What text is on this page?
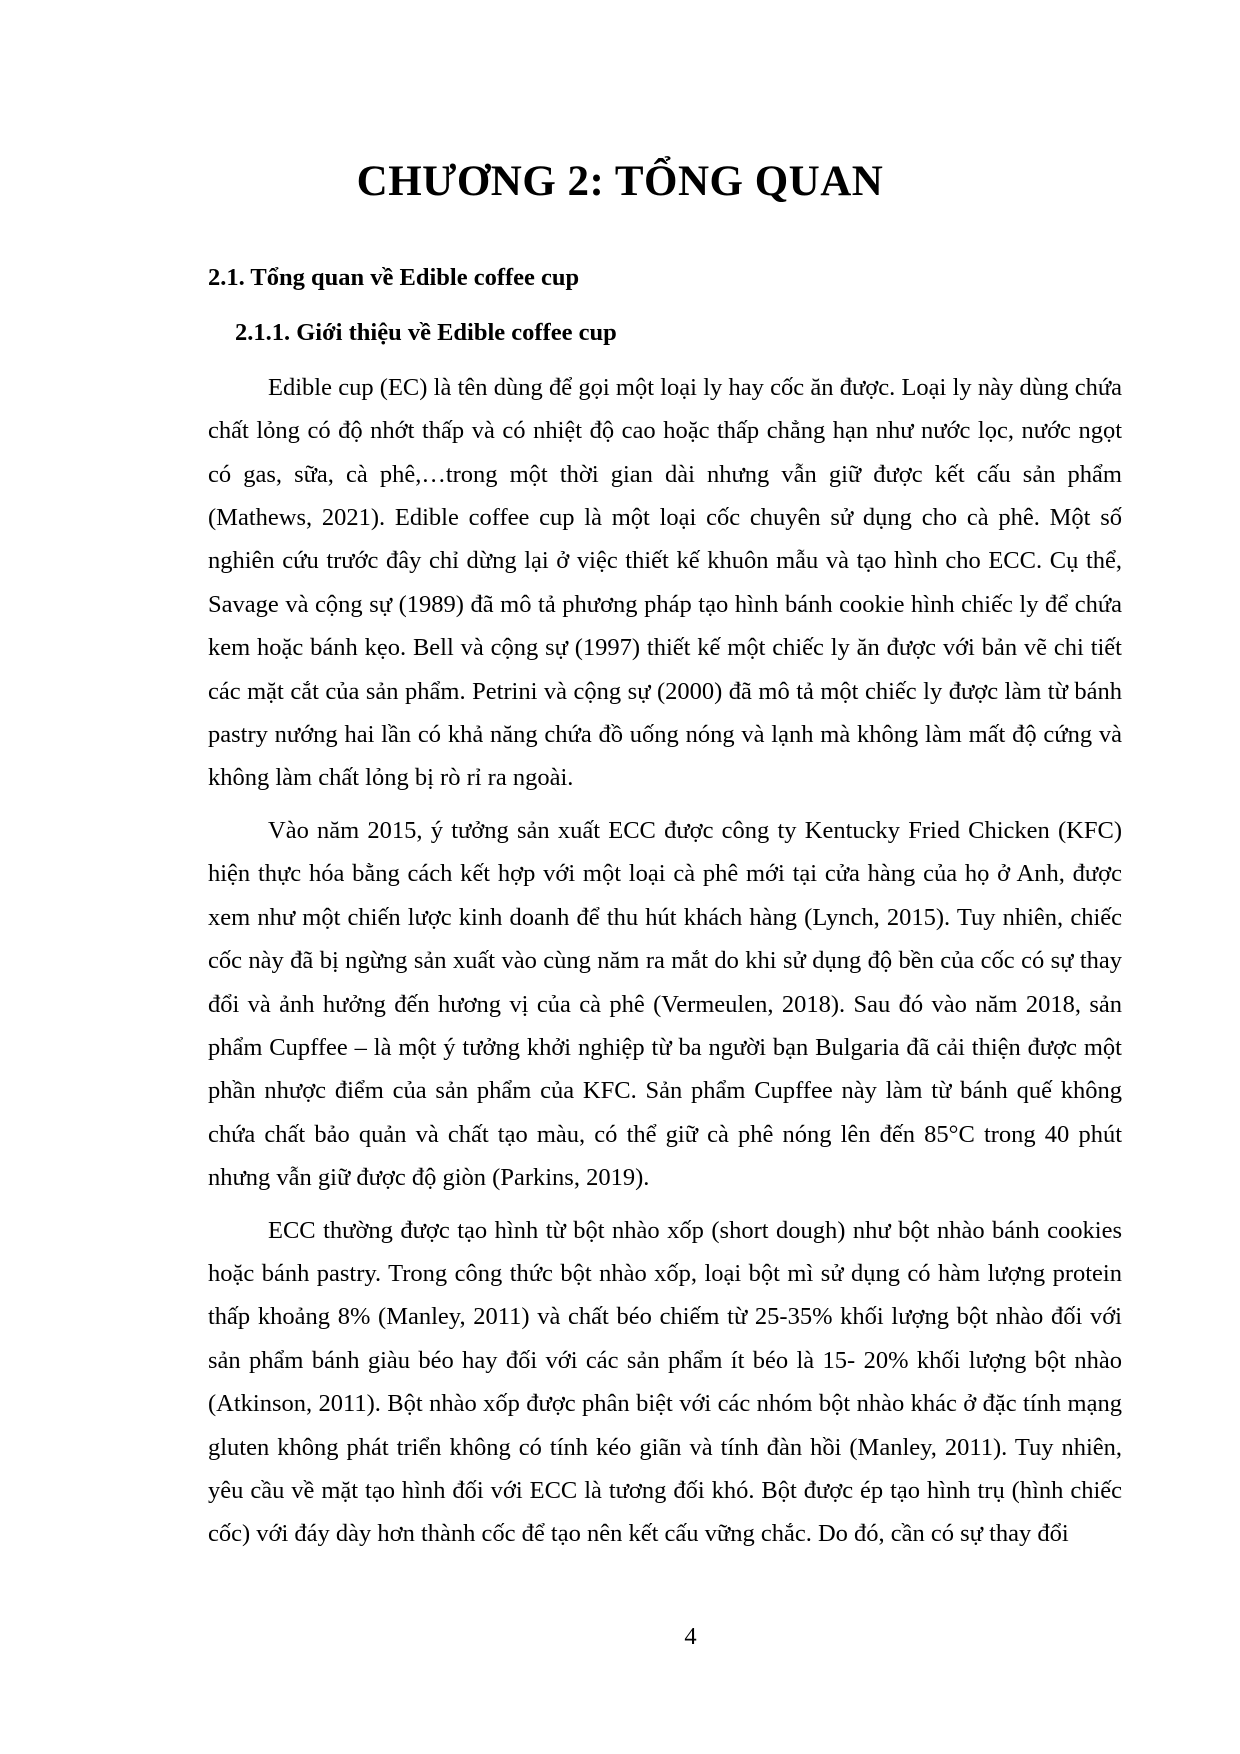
CHƯƠNG 2: TỔNG QUAN
2.1. Tổng quan về Edible coffee cup
2.1.1. Giới thiệu về Edible coffee cup

Edible cup (EC) là tên dùng để gọi một loại ly hay cốc ăn được. Loại ly này dùng chứa chất lỏng có độ nhớt thấp và có nhiệt độ cao hoặc thấp chẳng hạn như nước lọc, nước ngọt có gas, sữa, cà phê,…trong một thời gian dài nhưng vẫn giữ được kết cấu sản phẩm (Mathews, 2021). Edible coffee cup là một loại cốc chuyên sử dụng cho cà phê. Một số nghiên cứu trước đây chỉ dừng lại ở việc thiết kế khuôn mẫu và tạo hình cho ECC. Cụ thể, Savage và cộng sự (1989) đã mô tả phương pháp tạo hình bánh cookie hình chiếc ly để chứa kem hoặc bánh kẹo. Bell và cộng sự (1997) thiết kế một chiếc ly ăn được với bản vẽ chi tiết các mặt cắt của sản phẩm. Petrini và cộng sự (2000) đã mô tả một chiếc ly được làm từ bánh pastry nướng hai lần có khả năng chứa đồ uống nóng và lạnh mà không làm mất độ cứng và không làm chất lỏng bị rò rỉ ra ngoài.

Vào năm 2015, ý tưởng sản xuất ECC được công ty Kentucky Fried Chicken (KFC) hiện thực hóa bằng cách kết hợp với một loại cà phê mới tại cửa hàng của họ ở Anh, được xem như một chiến lược kinh doanh để thu hút khách hàng (Lynch, 2015). Tuy nhiên, chiếc cốc này đã bị ngừng sản xuất vào cùng năm ra mắt do khi sử dụng độ bền của cốc có sự thay đổi và ảnh hưởng đến hương vị của cà phê (Vermeulen, 2018). Sau đó vào năm 2018, sản phẩm Cupffee – là một ý tưởng khởi nghiệp từ ba người bạn Bulgaria đã cải thiện được một phần nhược điểm của sản phẩm của KFC. Sản phẩm Cupffee này làm từ bánh quế không chứa chất bảo quản và chất tạo màu, có thể giữ cà phê nóng lên đến 85°C trong 40 phút nhưng vẫn giữ được độ giòn (Parkins, 2019).

ECC thường được tạo hình từ bột nhào xốp (short dough) như bột nhào bánh cookies hoặc bánh pastry. Trong công thức bột nhào xốp, loại bột mì sử dụng có hàm lượng protein thấp khoảng 8% (Manley, 2011) và chất béo chiếm từ 25-35% khối lượng bột nhào đối với sản phẩm bánh giàu béo hay đối với các sản phẩm ít béo là 15- 20% khối lượng bột nhào (Atkinson, 2011). Bột nhào xốp được phân biệt với các nhóm bột nhào khác ở đặc tính mạng gluten không phát triển không có tính kéo giãn và tính đàn hồi (Manley, 2011). Tuy nhiên, yêu cầu về mặt tạo hình đối với ECC là tương đối khó. Bột được ép tạo hình trụ (hình chiếc cốc) với đáy dày hơn thành cốc để tạo nên kết cấu vững chắc. Do đó, cần có sự thay đổi

4
